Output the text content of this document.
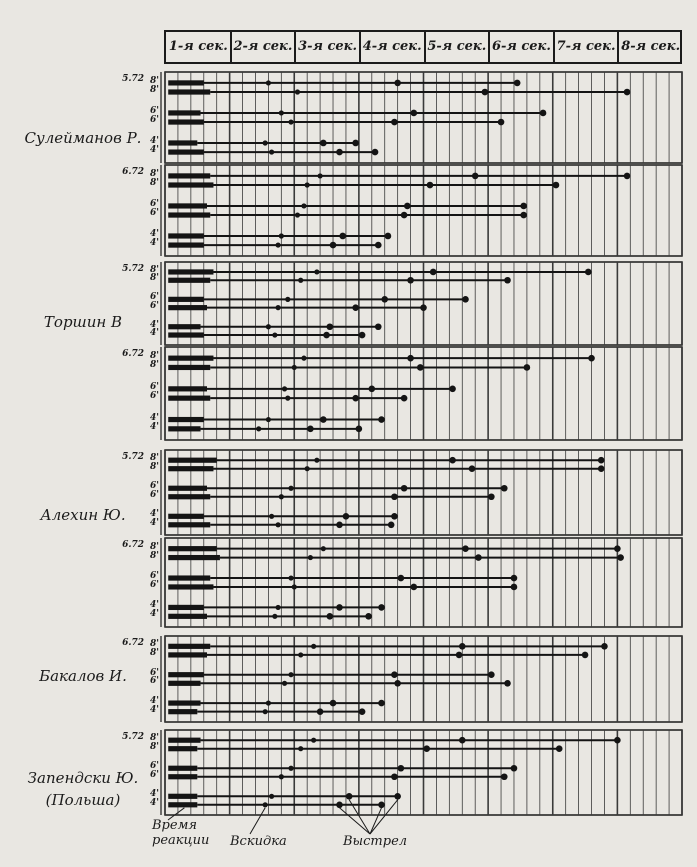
1-я сек. 2-я сек. 3-я сек. 4-я сек. 5-я сек. 6-я сек. 7-я сек. 8-я сек.
Время
реакции Вскидка	Выстрел
Сулейманов Р.
Торшин В
Алехин Ю.
Бакалов И.
Запендски Ю.
(Польша)
5.72 8'
8'
6'
6'
4'
4'
6.72 8'
8'
6'
6'
4'
4'
5.72 8'
8'
6'
6'
4'
4'
6.72 8'
8'
6'
6'
4'
4'
5.72 8'
8'
6'
6'
4'
4'
6.72 8'
8'
6'
6'
4'
4'
6.72 8'
8'
6'
6'
4'
4'
5.72 8'
8'
6'
6'
4'
4'
